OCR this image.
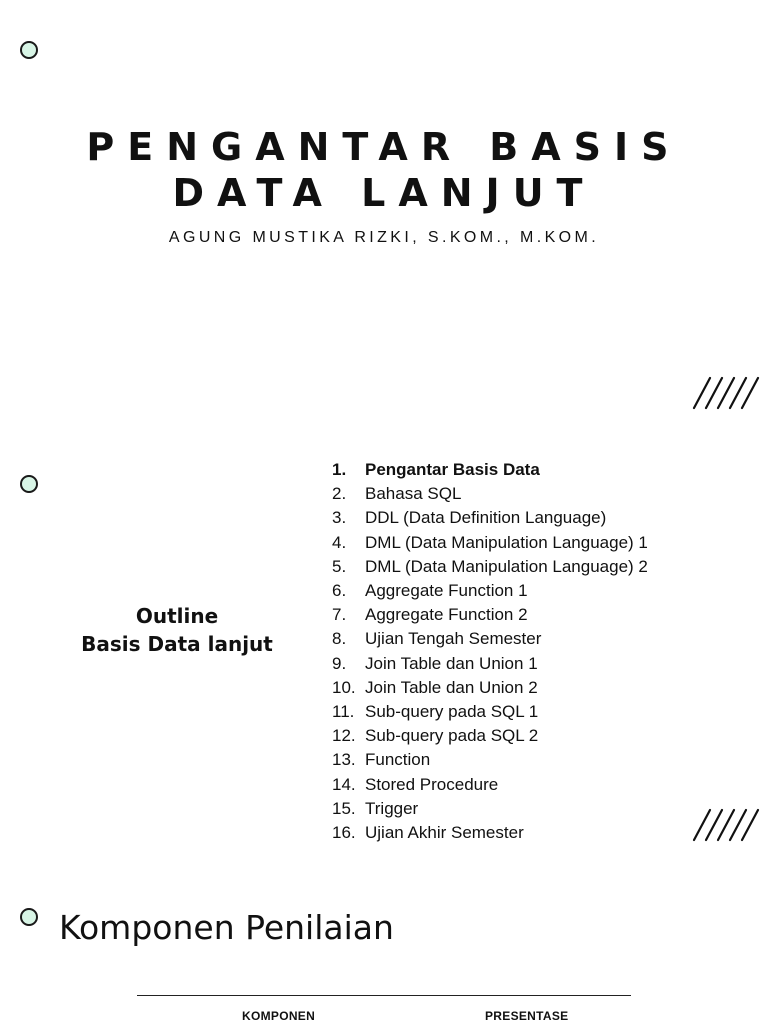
PENGANTAR BASIS
DATA LANJUT

AGUNG MUSTIKA RIZKI, S.KOM., M.KOM.

Outline
Basis Data lanjut
1.	Pengantar Basis Data
2.	Bahasa SQL
3.	DDL (Data Definition Language)
4.	DML (Data Manipulation Language) 1
5.	DML (Data Manipulation Language) 2
6.	Aggregate Function 1
7.	Aggregate Function 2
8.	Ujian Tengah Semester
9.	Join Table dan Union 1
10. Join Table dan Union 2
11. Sub-query pada SQL 1
12. Sub-query pada SQL 2
13. Function
14. Stored Procedure
15. Trigger
16. Ujian Akhir Semester
Komponen Penilaian
KOMPONEN	PRESENTASE
